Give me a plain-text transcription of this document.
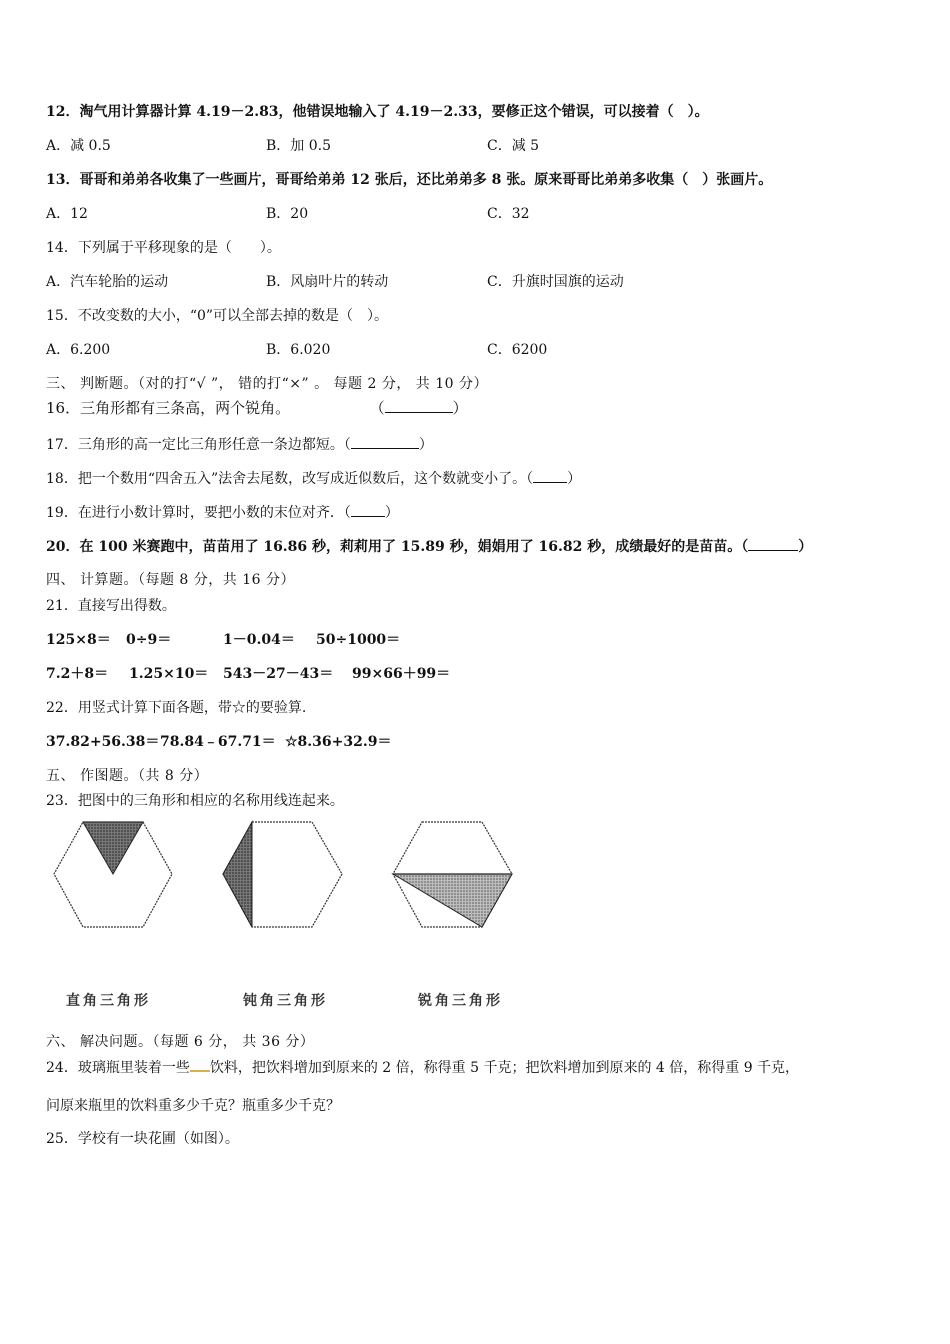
12．淘气用计算器计算 4.19－2.83，他错误地输入了 4.19－2.33，要修正这个错误，可以接着（　）。
A．减 0.5	B．加 0.5	C．减 5
13．哥哥和弟弟各收集了一些画片，哥哥给弟弟 12 张后，还比弟弟多 8 张。原来哥哥比弟弟多收集（　）张画片。
A．12	B．20	C．32
14．下列属于平移现象的是（　　）。
A．汽车轮胎的运动	B．风扇叶片的转动	C．升旗时国旗的运动
15．不改变数的大小，“0”可以全部去掉的数是（　）。
A．6.200	B．6.020	C．6200
三、 判断题。（对的打“√ ”， 错的打“×” 。 每题 2 分， 共 10 分）
16．三角形都有三条高，两个锐角。	（	）
17．三角形的高一定比三角形任意一条边都短。（	）
18．把一个数用“四舍五入”法舍去尾数，改写成近似数后，这个数就变小了。（ ）
19．在进行小数计算时，要把小数的末位对齐．（ ）
20．在 100 米赛跑中，苗苗用了 16.86 秒，莉莉用了 15.89 秒，娟娟用了 16.82 秒，成绩最好的是苗苗。（	）
四、 计算题。（每题 8 分，共 16 分）
21．直接写出得数。
125×8＝ 0÷9＝	1－0.04＝ 50÷1000＝
7.2＋8＝ 1.25×10＝ 543－27－43＝ 99×66＋99＝
22．用竖式计算下面各题，带☆的要验算.
37.82+56.38＝ 78.84﹣67.71＝ ☆8.36+32.9＝
五、 作图题。（共 8 分）
23．把图中的三角形和相应的名称用线连起来。
直角三角形	钝角三角形	锐角三角形
六、 解决问题。（每题 6 分， 共 36 分）
24．玻璃瓶里装着一些 饮料，把饮料增加到原来的 2 倍，称得重 5 千克；把饮料增加到原来的 4 倍，称得重 9 千克，
问原来瓶里的饮料重多少千克？瓶重多少千克？
25．学校有一块花圃（如图）。
